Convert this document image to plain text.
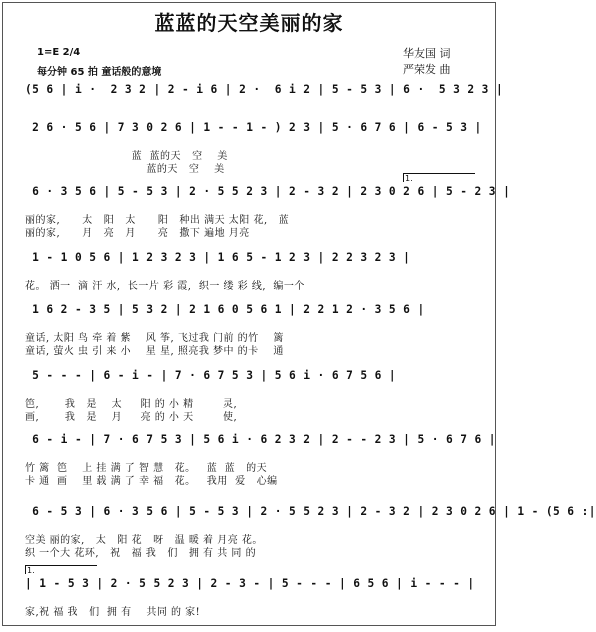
蓝蓝的天空美丽的家
1=E 2/4
每分钟 65 拍 童话般的意境
华友国 词
严荣发 曲
(5 6 | i ·  2 3 2 | 2 - i 6 | 2 ·  6 i 2 | 5 - 5 3 | 6 ·  5 3 2 3 |
2 6 · 5 6 | 7 3 0 2 6 | 1 - - 1 - ) 2 3 | 5 · 6 7 6 | 6 - 5 3 |
蓝  蓝的天   空    美
蓝的天   空    美
6 · 3 5 6 | 5 - 5 3 | 2 · 5 5 2 3 | 2 - 3 2 | 2 3 0 2 6 | 5 - 2 3 |
1.
丽的家,      太   阳   太      阳   种出 满天 太阳 花,   蓝
丽的家,      月   亮   月      亮   撒下 遍地 月亮
1 - 1 0 5 6 | 1 2 3 2 3 | 1 6 5 - 1 2 3 | 2 2 3 2 3 |
花。 洒一  滴 汗 水,  长一片 彩 霞,  织一 缕 彩 线,  编一个
1 6 2 - 3 5 | 5 3 2 | 2 1 6 0 5 6 1 | 2 2 1 2 · 3 5 6 |
童话, 太阳 鸟 牵 着 紫    风 筝, 飞过我 门前 的竹    篱
童话, 萤火 虫 引 来 小    星 星, 照亮我 梦中 的卡    通
5 - - - | 6 - i - | 7 · 6 7 5 3 | 5 6 i · 6 7 5 6 |
笆,       我   是    太     阳 的 小 精        灵,
画,       我   是    月     亮 的 小 天        使,
6 - i - | 7 · 6 7 5 3 | 5 6 i · 6 2 3 2 | 2 - - 2 3 | 5 · 6 7 6 |
竹 篱  笆    上 挂 满 了 智 慧   花。   蓝  蓝   的天
卡 通  画    里 载 满 了 幸 福   花。   我用  爱   心编
6 - 5 3 | 6 · 3 5 6 | 5 - 5 3 | 2 · 5 5 2 3 | 2 - 3 2 | 2 3 0 2 6 | 1 - (5 6 :|
空美 丽的家,   太   阳 花   呀   温 暖 着 月亮 花。
织 一个大 花环,   祝   福 我   们   拥 有 共 同 的
1.
| 1 - 5 3 | 2 · 5 5 2 3 | 2 - 3 - | 5 - - - | 6 5 6 | i - - - |
家,祝 福 我   们  拥 有    共同 的 家!
